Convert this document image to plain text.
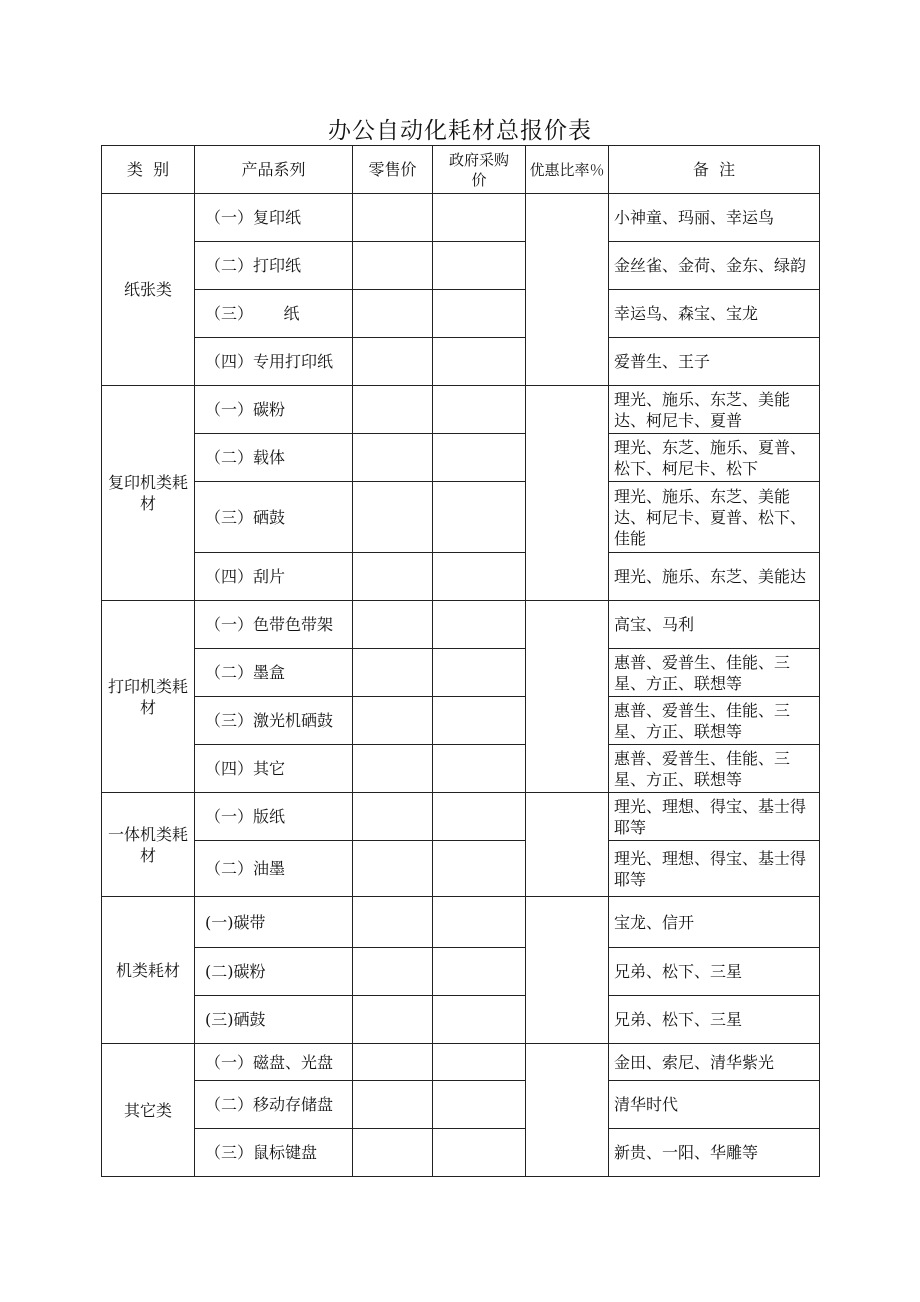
办公自动化耗材总报价表
类  别	产品系列	零售价	政府采购价	优惠比率％	备  注
纸张类	（一）复印纸				小神童、玛丽、幸运鸟
	（二）打印纸				金丝雀、金荷、金东、绿韵
	（三）      纸				幸运鸟、森宝、宝龙
	（四）专用打印纸				爱普生、王子
复印机类耗材	（一）碳粉				理光、施乐、东芝、美能达、柯尼卡、夏普
	（二）载体				理光、东芝、施乐、夏普、松下、柯尼卡、松下
	（三）硒鼓				理光、施乐、东芝、美能达、柯尼卡、夏普、松下、佳能
	（四）刮片				理光、施乐、东芝、美能达
打印机类耗材	（一）色带色带架				高宝、马利
	（二）墨盒				惠普、爱普生、佳能、三星、方正、联想等
	（三）激光机硒鼓				惠普、爱普生、佳能、三星、方正、联想等
	（四）其它				惠普、爱普生、佳能、三星、方正、联想等
一体机类耗材	（一）版纸				理光、理想、得宝、基士得耶等
	（二）油墨				理光、理想、得宝、基士得耶等
机类耗材	(一)碳带				宝龙、信开
	(二)碳粉				兄弟、松下、三星
	(三)硒鼓				兄弟、松下、三星
其它类	（一）磁盘、光盘				金田、索尼、清华紫光
	（二）移动存储盘				清华时代
	（三）鼠标键盘				新贵、一阳、华雕等
